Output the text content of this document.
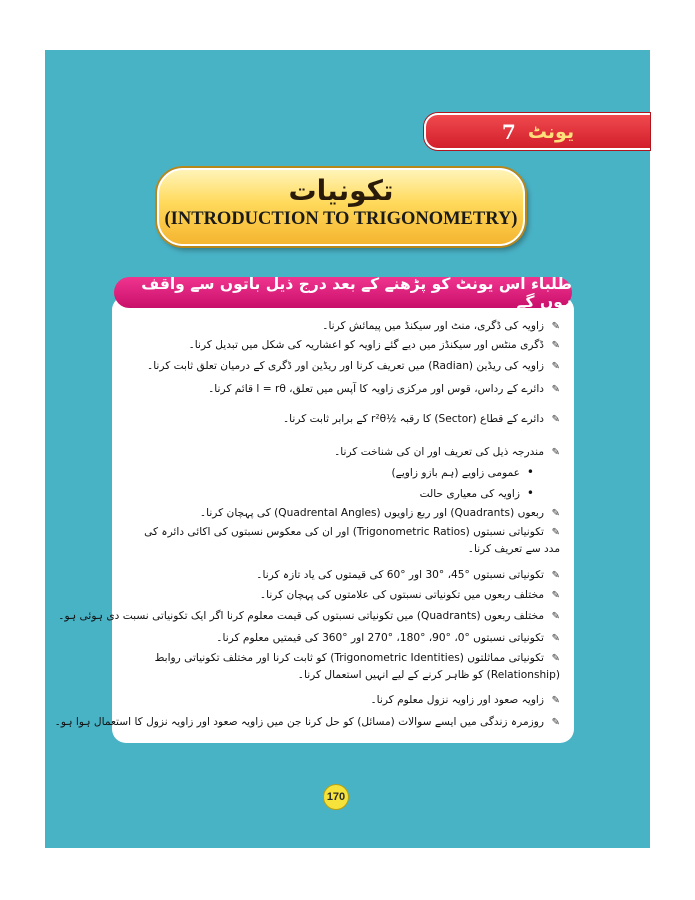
7 یونٹ
تکونیات
(INTRODUCTION TO TRIGONOMETRY)
طلباء اس یونٹ کو پڑھنے کے بعد درج ذیل باتوں سے واقف ہوں گے
✎زاویہ کی ڈگری، منٹ اور سیکنڈ میں پیمائش کرنا۔
✎ڈگری منٹس اور سیکنڈز میں دیے گئے زاویہ کو اعشاریہ کی شکل میں تبدیل کرنا۔
✎زاویہ کی ریڈین (Radian) میں تعریف کرنا اور ریڈین اور ڈگری کے درمیان تعلق ثابت کرنا۔
✎دائرے کے رداس، قوس اور مرکزی زاویہ کا آپس میں تعلق، l = rθ قائم کرنا۔
✎دائرے کے قطاع (Sector) کا رقبہ ½r²θ کے برابر ثابت کرنا۔
✎مندرجہ ذیل کی تعریف اور ان کی شناخت کرنا۔
•عمومی زاویے (ہم بازو زاویے)
•زاویہ کی معیاری حالت
✎ربعوں (Quadrants) اور ربع زاویوں (Quadrental Angles) کی پہچان کرنا۔
✎تکونیاتی نسبتوں (Trigonometric Ratios) اور ان کی معکوس نسبتوں کی اکائی دائرہ کی مدد سے تعریف کرنا۔
✎تکونیاتی نسبتوں °45، °30 اور °60 کی قیمتوں کی یاد تازہ کرنا۔
✎مختلف ربعوں میں تکونیاتی نسبتوں کی علامتوں کی پہچان کرنا۔
✎مختلف ربعوں (Quadrants) میں تکونیاتی نسبتوں کی قیمت معلوم کرنا اگر ایک تکونیاتی نسبت دی ہوئی ہو۔
✎تکونیاتی نسبتوں °0، °90، °180، °270 اور °360 کی قیمتیں معلوم کرنا۔
✎تکونیاتی مماثلتوں (Trigonometric Identities) کو ثابت کرنا اور مختلف تکونیاتی روابط (Relationship) کو ظاہر کرنے کے لیے انہیں استعمال کرنا۔
✎زاویہ صعود اور زاویہ نزول معلوم کرنا۔
✎روزمرہ زندگی میں ایسے سوالات (مسائل) کو حل کرنا جن میں زاویہ صعود اور زاویہ نزول کا استعمال ہوا ہو۔
170
